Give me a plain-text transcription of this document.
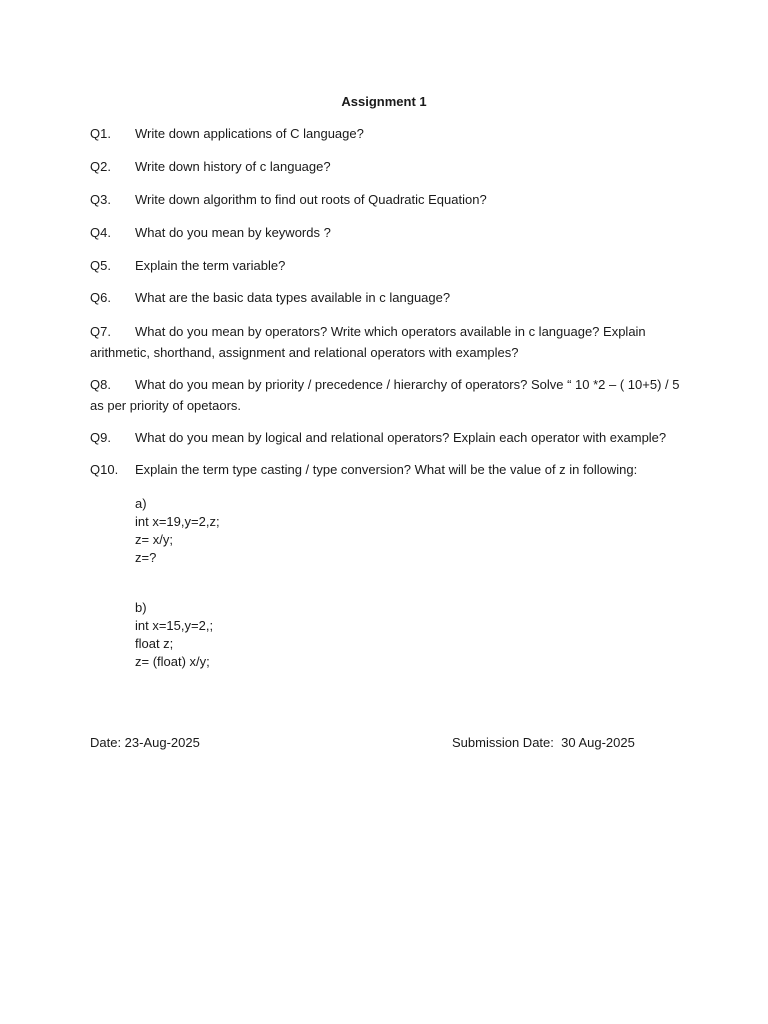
Assignment 1
Q1. Write down applications of C language?
Q2. Write down history of c language?
Q3. Write down algorithm to find out roots of Quadratic Equation?
Q4. What do you mean by keywords ?
Q5. Explain the term variable?
Q6. What are the basic data types available in c language?
Q7. What do you mean by operators? Write which operators available in c language? Explain arithmetic, shorthand, assignment and relational operators with examples?
Q8. What do you mean by priority / precedence / hierarchy of operators? Solve “ 10 *2 – ( 10+5) / 5 as per priority of opetaors.
Q9. What do you mean by logical and relational operators? Explain each operator with example?
Q10. Explain the term type casting / type conversion? What will be the value of z in following:
a)
int x=19,y=2,z;
z= x/y;
z=?
b)
int x=15,y=2,;
float z;
z= (float) x/y;
Date: 23-Aug-2025	Submission Date:  30 Aug-2025
